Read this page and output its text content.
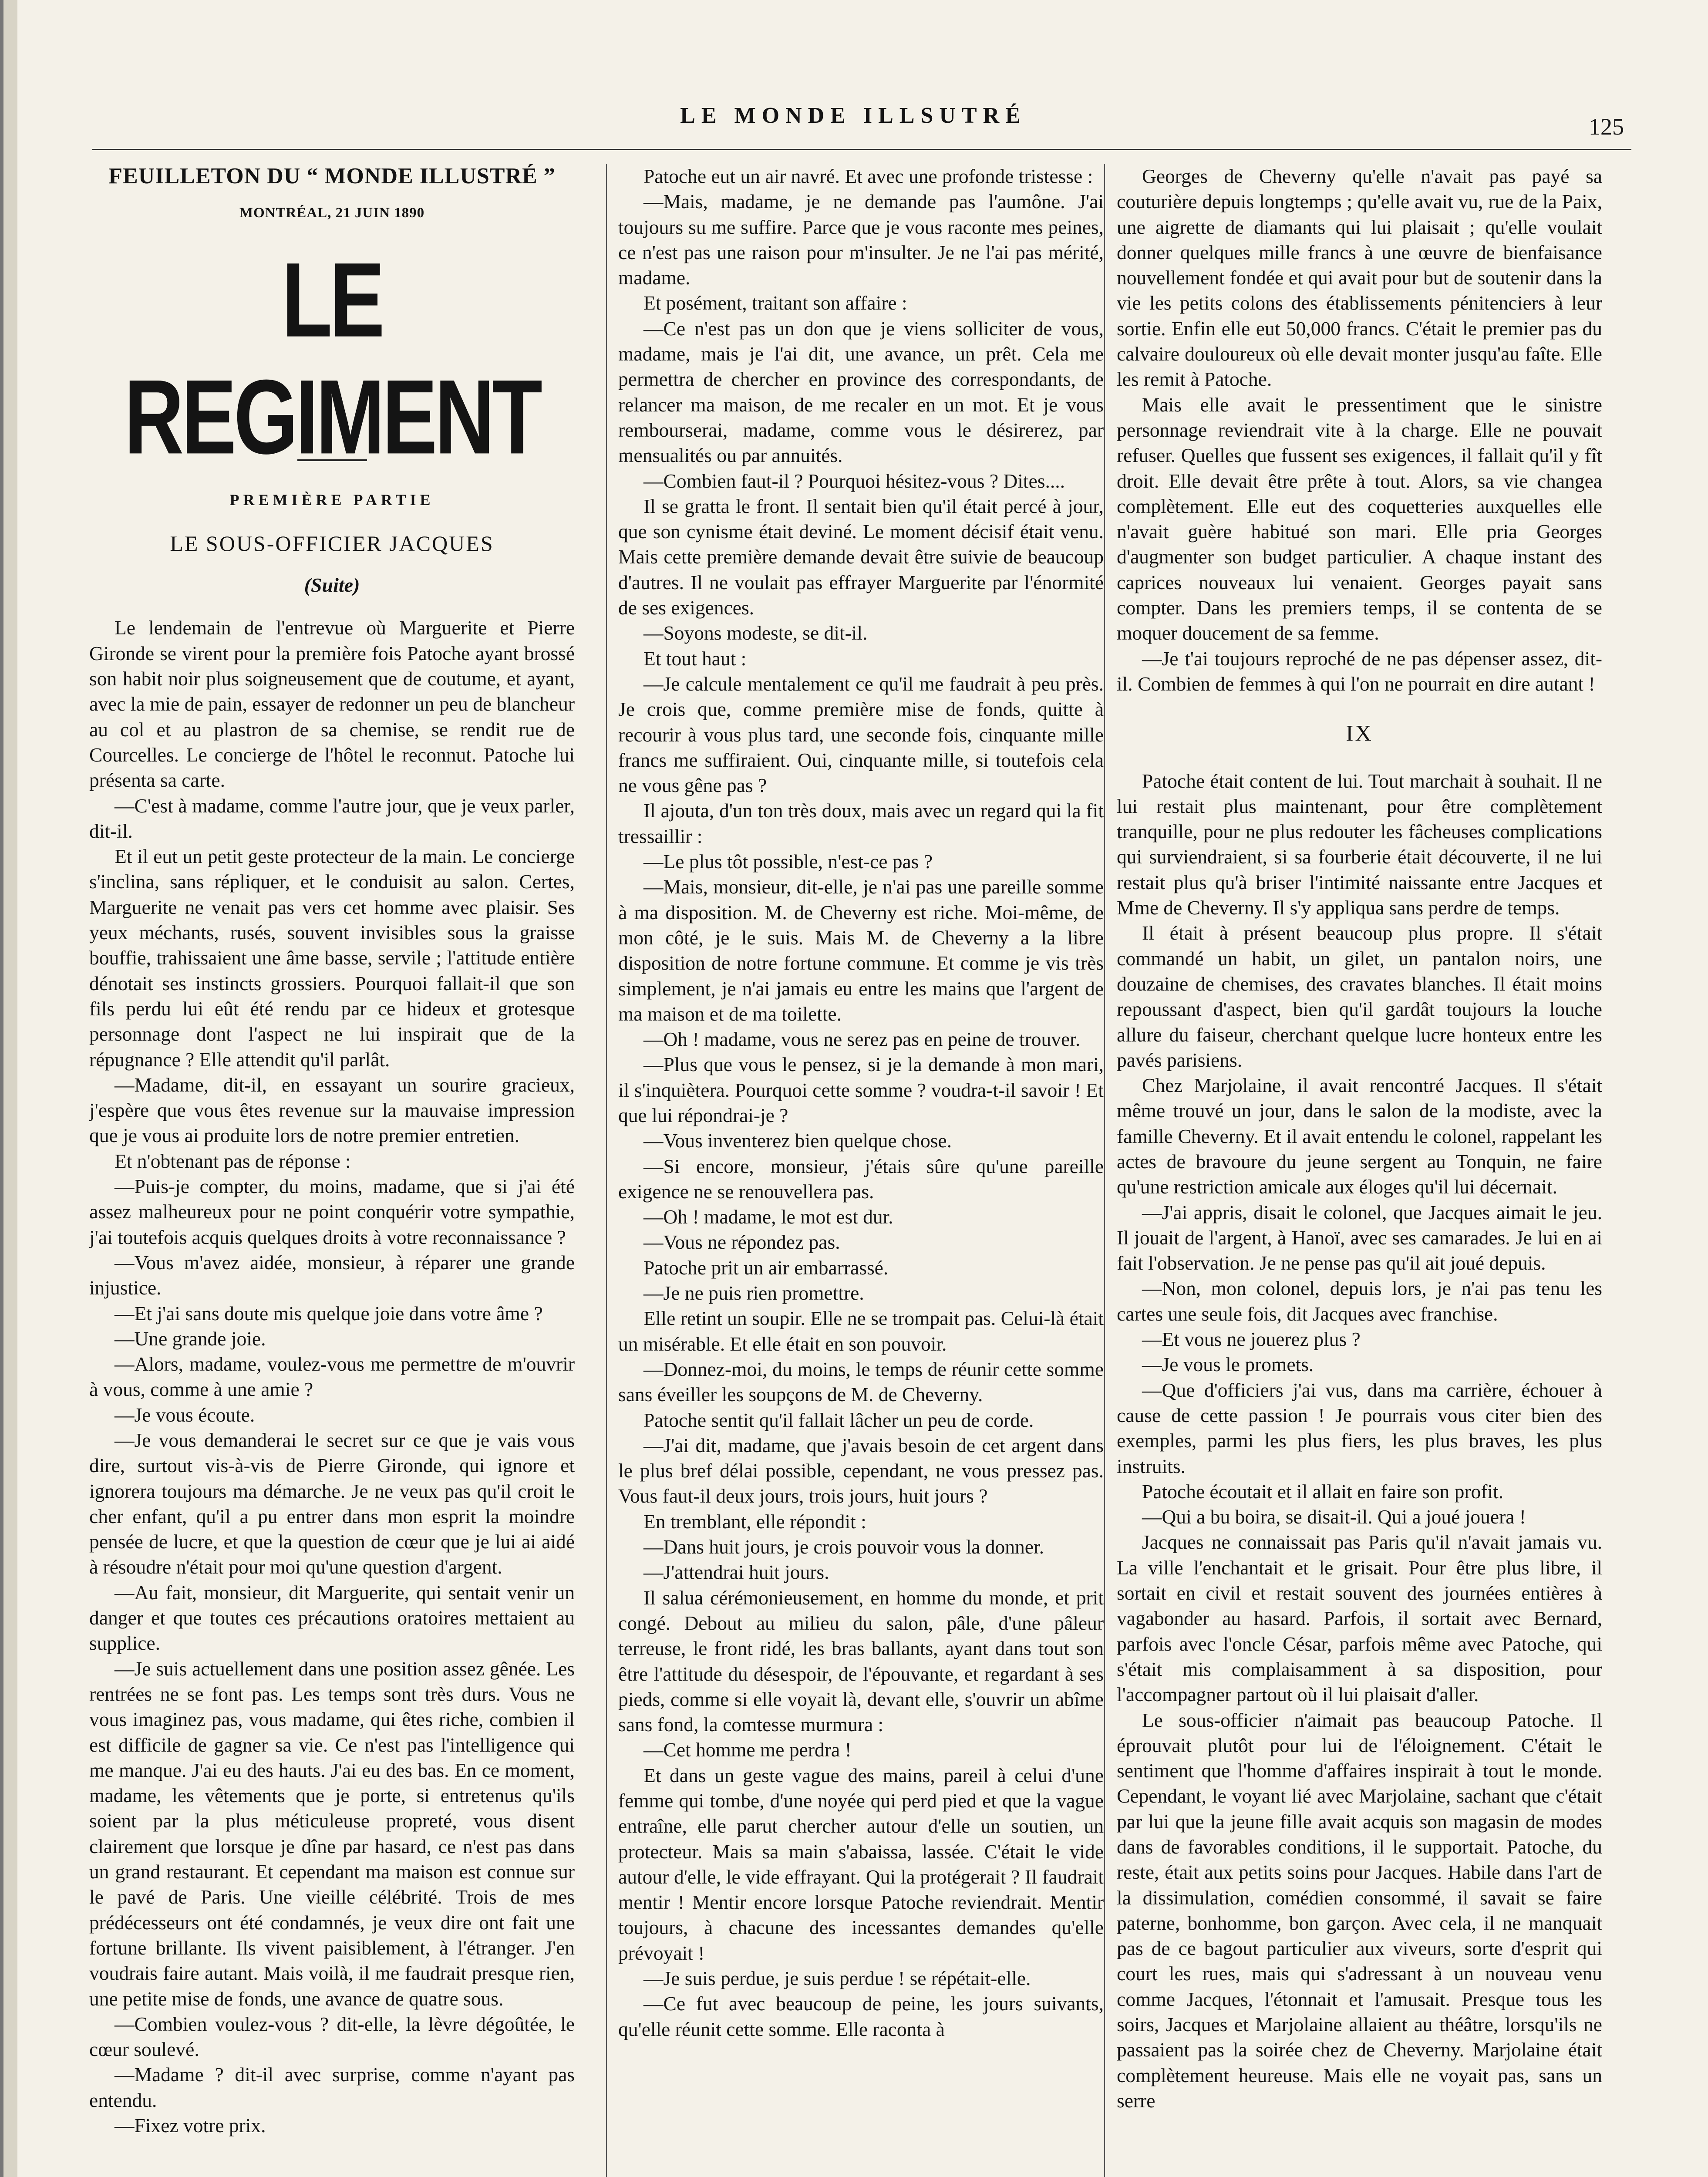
LE MONDE ILLSUTRÉ	125
FEUILLETON DU “ MONDE ILLUSTRÉ ”
MONTRÉAL, 21 JUIN 1890
LE REGIMENT
PREMIÈRE PARTIE
LE SOUS-OFFICIER JACQUES
(Suite)

Le lendemain de l'entrevue où Marguerite et Pierre Gironde se virent pour la première fois Patoche ayant brossé son habit noir plus soigneusement que de coutume, et ayant, avec la mie de pain, essayer de redonner un peu de blancheur au col et au plastron de sa chemise, se rendit rue de Courcelles. Le concierge de l'hôtel le reconnut. Patoche lui présenta sa carte.

—C'est à madame, comme l'autre jour, que je veux parler, dit-il.

Et il eut un petit geste protecteur de la main. Le concierge s'inclina, sans répliquer, et le conduisit au salon. Certes, Marguerite ne venait pas vers cet homme avec plaisir. Ses yeux méchants, rusés, souvent invisibles sous la graisse bouffie, trahissaient une âme basse, servile ; l'attitude entière dénotait ses instincts grossiers. Pourquoi fallait-il que son fils perdu lui eût été rendu par ce hideux et grotesque personnage dont l'aspect ne lui inspirait que de la répugnance ? Elle attendit qu'il parlât.

—Madame, dit-il, en essayant un sourire gracieux, j'espère que vous êtes revenue sur la mauvaise impression que je vous ai produite lors de notre premier entretien.

Et n'obtenant pas de réponse :

—Puis-je compter, du moins, madame, que si j'ai été assez malheureux pour ne point conquérir votre sympathie, j'ai toutefois acquis quelques droits à votre reconnaissance ?

—Vous m'avez aidée, monsieur, à réparer une grande injustice.

—Et j'ai sans doute mis quelque joie dans votre âme ?

—Une grande joie.

—Alors, madame, voulez-vous me permettre de m'ouvrir à vous, comme à une amie ?

—Je vous écoute.

—Je vous demanderai le secret sur ce que je vais vous dire, surtout vis-à-vis de Pierre Gironde, qui ignore et ignorera toujours ma démarche. Je ne veux pas qu'il croit le cher enfant, qu'il a pu entrer dans mon esprit la moindre pensée de lucre, et que la question de cœur que je lui ai aidé à résoudre n'était pour moi qu'une question d'argent.

—Au fait, monsieur, dit Marguerite, qui sentait venir un danger et que toutes ces précautions oratoires mettaient au supplice.

—Je suis actuellement dans une position assez gênée. Les rentrées ne se font pas. Les temps sont très durs. Vous ne vous imaginez pas, vous madame, qui êtes riche, combien il est difficile de gagner sa vie. Ce n'est pas l'intelligence qui me manque. J'ai eu des hauts. J'ai eu des bas. En ce moment, madame, les vêtements que je porte, si entretenus qu'ils soient par la plus méticuleuse propreté, vous disent clairement que lorsque je dîne par hasard, ce n'est pas dans un grand restaurant. Et cependant ma maison est connue sur le pavé de Paris. Une vieille célébrité. Trois de mes prédécesseurs ont été condamnés, je veux dire ont fait une fortune brillante. Ils vivent paisiblement, à l'étranger. J'en voudrais faire autant. Mais voilà, il me faudrait presque rien, une petite mise de fonds, une avance de quatre sous.

—Combien voulez-vous ? dit-elle, la lèvre dégoûtée, le cœur soulevé.

—Madame ? dit-il avec surprise, comme n'ayant pas entendu.

—Fixez votre prix.

Patoche eut un air navré. Et avec une profonde tristesse :

—Mais, madame, je ne demande pas l'aumône. J'ai toujours su me suffire. Parce que je vous raconte mes peines, ce n'est pas une raison pour m'insulter. Je ne l'ai pas mérité, madame.

Et posément, traitant son affaire :

—Ce n'est pas un don que je viens solliciter de vous, madame, mais je l'ai dit, une avance, un prêt. Cela me permettra de chercher en province des correspondants, de relancer ma maison, de me recaler en un mot. Et je vous rembourserai, madame, comme vous le désirerez, par mensualités ou par annuités.

—Combien faut-il ? Pourquoi hésitez-vous ? Dites....

Il se gratta le front. Il sentait bien qu'il était percé à jour, que son cynisme était deviné. Le moment décisif était venu. Mais cette première demande devait être suivie de beaucoup d'autres. Il ne voulait pas effrayer Marguerite par l'énormité de ses exigences.

—Soyons modeste, se dit-il.

Et tout haut :

—Je calcule mentalement ce qu'il me faudrait à peu près. Je crois que, comme première mise de fonds, quitte à recourir à vous plus tard, une seconde fois, cinquante mille francs me suffiraient. Oui, cinquante mille, si toutefois cela ne vous gêne pas ?

Il ajouta, d'un ton très doux, mais avec un regard qui la fit tressaillir :

—Le plus tôt possible, n'est-ce pas ?

—Mais, monsieur, dit-elle, je n'ai pas une pareille somme à ma disposition. M. de Cheverny est riche. Moi-même, de mon côté, je le suis. Mais M. de Cheverny a la libre disposition de notre fortune commune. Et comme je vis très simplement, je n'ai jamais eu entre les mains que l'argent de ma maison et de ma toilette.

—Oh ! madame, vous ne serez pas en peine de trouver.

—Plus que vous le pensez, si je la demande à mon mari, il s'inquiètera. Pourquoi cette somme ? voudra-t-il savoir ! Et que lui répondrai-je ?

—Vous inventerez bien quelque chose.

—Si encore, monsieur, j'étais sûre qu'une pareille exigence ne se renouvellera pas.

—Oh ! madame, le mot est dur.

—Vous ne répondez pas.

Patoche prit un air embarrassé.

—Je ne puis rien promettre.

Elle retint un soupir. Elle ne se trompait pas. Celui-là était un misérable. Et elle était en son pouvoir.

—Donnez-moi, du moins, le temps de réunir cette somme sans éveiller les soupçons de M. de Cheverny.

Patoche sentit qu'il fallait lâcher un peu de corde.

—J'ai dit, madame, que j'avais besoin de cet argent dans le plus bref délai possible, cependant, ne vous pressez pas. Vous faut-il deux jours, trois jours, huit jours ?

En tremblant, elle répondit :

—Dans huit jours, je crois pouvoir vous la donner.

—J'attendrai huit jours.

Il salua cérémonieusement, en homme du monde, et prit congé. Debout au milieu du salon, pâle, d'une pâleur terreuse, le front ridé, les bras ballants, ayant dans tout son être l'attitude du désespoir, de l'épouvante, et regardant à ses pieds, comme si elle voyait là, devant elle, s'ouvrir un abîme sans fond, la comtesse murmura :

—Cet homme me perdra !

Et dans un geste vague des mains, pareil à celui d'une femme qui tombe, d'une noyée qui perd pied et que la vague entraîne, elle parut chercher autour d'elle un soutien, un protecteur. Mais sa main s'abaissa, lassée. C'était le vide autour d'elle, le vide effrayant. Qui la protégerait ? Il faudrait mentir ! Mentir encore lorsque Patoche reviendrait. Mentir toujours, à chacune des incessantes demandes qu'elle prévoyait !

—Je suis perdue, je suis perdue ! se répétait-elle.

—Ce fut avec beaucoup de peine, les jours suivants, qu'elle réunit cette somme. Elle raconta à

Georges de Cheverny qu'elle n'avait pas payé sa couturière depuis longtemps ; qu'elle avait vu, rue de la Paix, une aigrette de diamants qui lui plaisait ; qu'elle voulait donner quelques mille francs à une œuvre de bienfaisance nouvellement fondée et qui avait pour but de soutenir dans la vie les petits colons des établissements pénitenciers à leur sortie. Enfin elle eut 50,000 francs. C'était le premier pas du calvaire douloureux où elle devait monter jusqu'au faîte. Elle les remit à Patoche.

Mais elle avait le pressentiment que le sinistre personnage reviendrait vite à la charge. Elle ne pouvait refuser. Quelles que fussent ses exigences, il fallait qu'il y fît droit. Elle devait être prête à tout. Alors, sa vie changea complètement. Elle eut des coquetteries auxquelles elle n'avait guère habitué son mari. Elle pria Georges d'augmenter son budget particulier. A chaque instant des caprices nouveaux lui venaient. Georges payait sans compter. Dans les premiers temps, il se contenta de se moquer doucement de sa femme.

—Je t'ai toujours reproché de ne pas dépenser assez, dit-il. Combien de femmes à qui l'on ne pourrait en dire autant !

IX

Patoche était content de lui. Tout marchait à souhait. Il ne lui restait plus maintenant, pour être complètement tranquille, pour ne plus redouter les fâcheuses complications qui surviendraient, si sa fourberie était découverte, il ne lui restait plus qu'à briser l'intimité naissante entre Jacques et Mme de Cheverny. Il s'y appliqua sans perdre de temps.

Il était à présent beaucoup plus propre. Il s'était commandé un habit, un gilet, un pantalon noirs, une douzaine de chemises, des cravates blanches. Il était moins repoussant d'aspect, bien qu'il gardât toujours la louche allure du faiseur, cherchant quelque lucre honteux entre les pavés parisiens.

Chez Marjolaine, il avait rencontré Jacques. Il s'était même trouvé un jour, dans le salon de la modiste, avec la famille Cheverny. Et il avait entendu le colonel, rappelant les actes de bravoure du jeune sergent au Tonquin, ne faire qu'une restriction amicale aux éloges qu'il lui décernait.

—J'ai appris, disait le colonel, que Jacques aimait le jeu. Il jouait de l'argent, à Hanoï, avec ses camarades. Je lui en ai fait l'observation. Je ne pense pas qu'il ait joué depuis.

—Non, mon colonel, depuis lors, je n'ai pas tenu les cartes une seule fois, dit Jacques avec franchise.

—Et vous ne jouerez plus ?

—Je vous le promets.

—Que d'officiers j'ai vus, dans ma carrière, échouer à cause de cette passion ! Je pourrais vous citer bien des exemples, parmi les plus fiers, les plus braves, les plus instruits.

Patoche écoutait et il allait en faire son profit.

—Qui a bu boira, se disait-il. Qui a joué jouera !

Jacques ne connaissait pas Paris qu'il n'avait jamais vu. La ville l'enchantait et le grisait. Pour être plus libre, il sortait en civil et restait souvent des journées entières à vagabonder au hasard. Parfois, il sortait avec Bernard, parfois avec l'oncle César, parfois même avec Patoche, qui s'était mis complaisamment à sa disposition, pour l'accompagner partout où il lui plaisait d'aller.

Le sous-officier n'aimait pas beaucoup Patoche. Il éprouvait plutôt pour lui de l'éloignement. C'était le sentiment que l'homme d'affaires inspirait à tout le monde. Cependant, le voyant lié avec Marjolaine, sachant que c'était par lui que la jeune fille avait acquis son magasin de modes dans de favorables conditions, il le supportait. Patoche, du reste, était aux petits soins pour Jacques. Habile dans l'art de la dissimulation, comédien consommé, il savait se faire paterne, bonhomme, bon garçon. Avec cela, il ne manquait pas de ce bagout particulier aux viveurs, sorte d'esprit qui court les rues, mais qui s'adressant à un nouveau venu comme Jacques, l'étonnait et l'amusait. Presque tous les soirs, Jacques et Marjolaine allaient au théâtre, lorsqu'ils ne passaient pas la soirée chez de Cheverny. Marjolaine était complètement heureuse. Mais elle ne voyait pas, sans un serre
